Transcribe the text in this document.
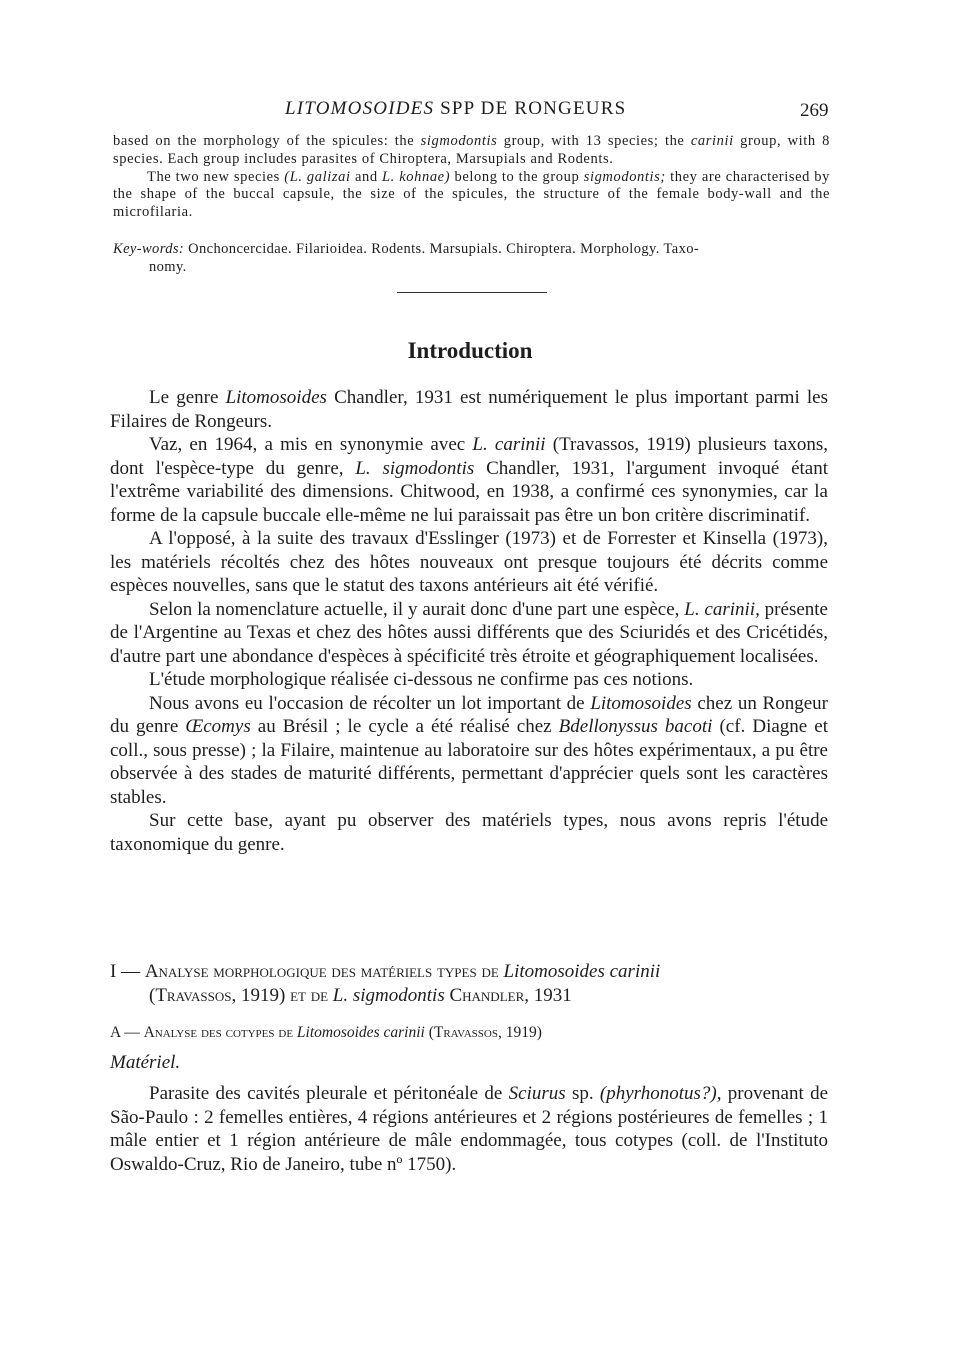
LITOMOSOIDES SPP DE RONGEURS	269

based on the morphology of the spicules: the sigmodontis group, with 13 species; the carinii group, with 8 species. Each group includes parasites of Chiroptera, Marsupials and Rodents.

The two new species (L. galizai and L. kohnae) belong to the group sigmodontis; they are characterised by the shape of the buccal capsule, the size of the spicules, the structure of the female body-wall and the microfilaria.

Key-words: Onchoncercidae. Filarioidea. Rodents. Marsupials. Chiroptera. Morphology. Taxo-
nomy.
Introduction

Le genre Litomosoides Chandler, 1931 est numériquement le plus important parmi les Filaires de Rongeurs.

Vaz, en 1964, a mis en synonymie avec L. carinii (Travassos, 1919) plusieurs taxons, dont l'espèce-type du genre, L. sigmodontis Chandler, 1931, l'argument invoqué étant l'extrême variabilité des dimensions. Chitwood, en 1938, a confirmé ces synonymies, car la forme de la capsule buccale elle-même ne lui paraissait pas être un bon critère discriminatif.

A l'opposé, à la suite des travaux d'Esslinger (1973) et de Forrester et Kinsella (1973), les matériels récoltés chez des hôtes nouveaux ont presque toujours été décrits comme espèces nouvelles, sans que le statut des taxons antérieurs ait été vérifié.

Selon la nomenclature actuelle, il y aurait donc d'une part une espèce, L. carinii, présente de l'Argentine au Texas et chez des hôtes aussi différents que des Sciuridés et des Cricétidés, d'autre part une abondance d'espèces à spécificité très étroite et géographiquement localisées.

L'étude morphologique réalisée ci-dessous ne confirme pas ces notions.

Nous avons eu l'occasion de récolter un lot important de Litomosoides chez un Rongeur du genre Œcomys au Brésil ; le cycle a été réalisé chez Bdellonyssus bacoti (cf. Diagne et coll., sous presse) ; la Filaire, maintenue au laboratoire sur des hôtes expérimentaux, a pu être observée à des stades de maturité différents, permettant d'apprécier quels sont les caractères stables.

Sur cette base, ayant pu observer des matériels types, nous avons repris l'étude taxonomique du genre.

I — Analyse morphologique des matériels types de Litomosoides carinii
(Travassos, 1919) et de L. sigmodontis Chandler, 1931
A — Analyse des cotypes de Litomosoides carinii (Travassos, 1919)
Matériel.

Parasite des cavités pleurale et péritonéale de Sciurus sp. (phyrhonotus?), provenant de São-Paulo : 2 femelles entières, 4 régions antérieures et 2 régions postérieures de femelles ; 1 mâle entier et 1 région antérieure de mâle endommagée, tous cotypes (coll. de l'Instituto Oswaldo-Cruz, Rio de Janeiro, tube nº 1750).
